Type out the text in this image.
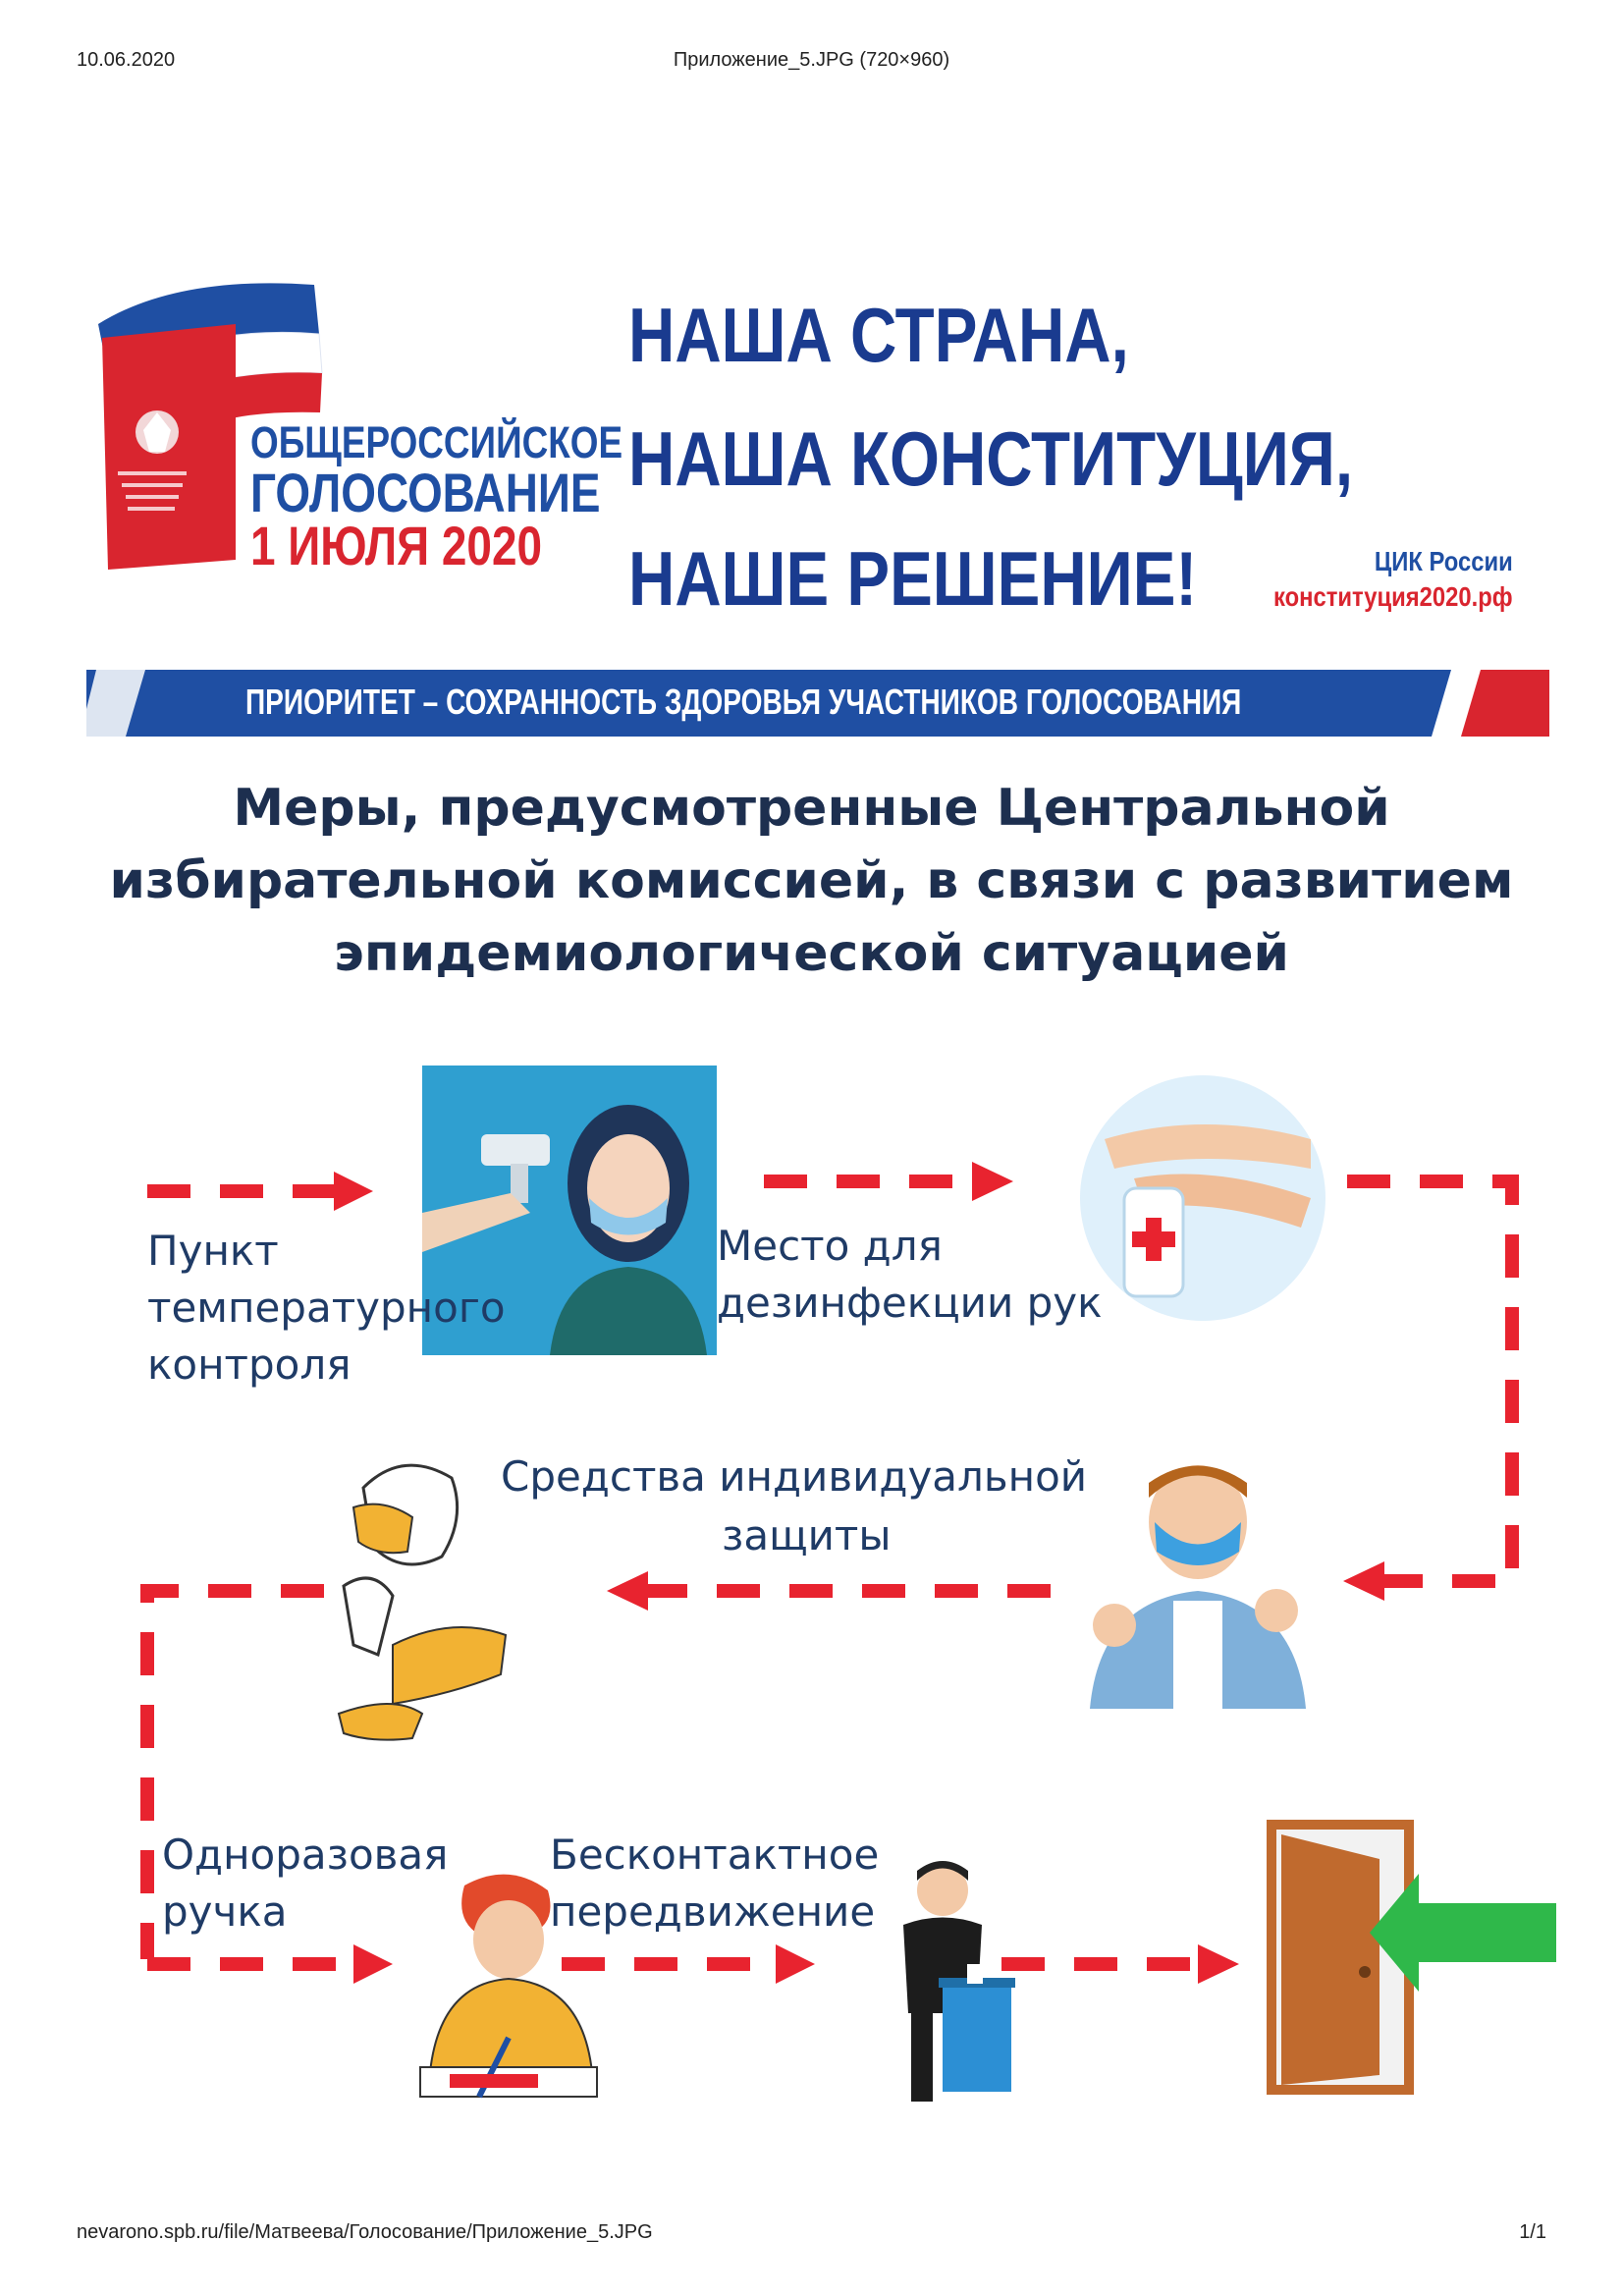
10.06.2020	Приложение_5.JPG (720×960)
ОБЩЕРОССИЙСКОЕ
ГОЛОСОВАНИЕ
1 ИЮЛЯ 2020
НАША СТРАНА,
НАША КОНСТИТУЦИЯ,
НАШЕ РЕШЕНИЕ!	ЦИК России
конституция2020.рф
ПРИОРИТЕТ – СОХРАННОСТЬ ЗДОРОВЬЯ УЧАСТНИКОВ ГОЛОСОВАНИЯ
Меры, предусмотренные Центральной
избирательной комиссией, в связи с развитием
эпидемиологической ситуацией
Пункт
температурного
контроля
Место для
дезинфекции рук
Средства индивидуальной
защиты
Одноразовая
ручка
Бесконтактное
передвижение
nevarono.spb.ru/file/Матвеева/Голосование/Приложение_5.JPG	1/1
